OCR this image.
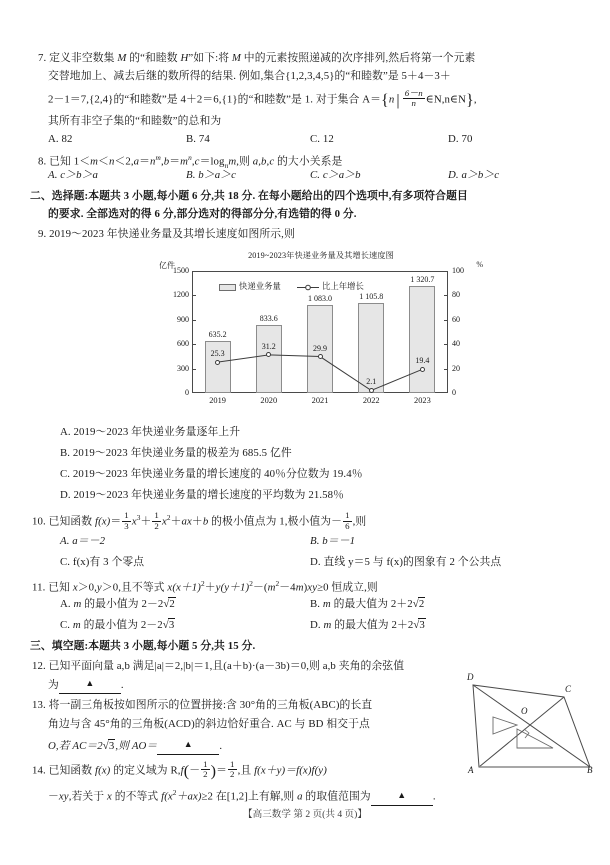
7. 定义非空数集 M 的“和睦数 H”如下:将 M 中的元素按照递减的次序排列,然后将第一个元素
交替地加上、减去后继的数所得的结果. 例如,集合{1,2,3,4,5}的“和睦数”是 5＋4－3＋
2－1＝7,{2,4}的“和睦数”是 4＋2＝6,{1}的“和睦数”是 1. 对于集合 A＝{n | $\frac{6-n}{n}$ ∈N,n∈N},
其所有非空子集的“和睦数”的总和为
A. 82	B. 74	C. 12	D. 70
8. 已知 $1<m<n<2,a=n^m,b=m^n,c=\log_nm$,则 a,b,c 的大小关系是
A. c＞b＞a	B. b＞a＞c	C. c＞a＞b	D. a＞b＞c
二、选择题:本题共 3 小题,每小题 6 分,共 18 分. 在每小题给出的四个选项中,有多项符合题目
的要求. 全部选对的得 6 分,部分选对的得部分分,有选错的得 0 分.
9. 2019～2023 年快递业务量及其增长速度如图所示,则
2019~2023年快递业务量及其增长速度图
亿件	%
0
300
600
900
1200
1500
0
20
40
60
80
100
635.2
2019
833.6
2020
1 083.0
2021
1 105.8
2022
1 320.7
2023
25.3
31.2	29.9
2.1
19.4
快递业务量	比上年增长
A. 2019～2023 年快递业务量逐年上升
B. 2019～2023 年快递业务量的极差为 685.5 亿件
C. 2019～2023 年快递业务量的增长速度的 40％分位数为 19.4％
D. 2019～2023 年快递业务量的增长速度的平均数为 21.58％
10. 已知函数 $f(x)= \frac{1}{3} x^3+ \frac{1}{2} x^2+ax+b$ 的极小值点为 1,极小值为－ $\frac{1}{6}$ ,则
A. a＝－2	B. b＝－1
C. f(x)有 3 个零点	D. 直线 y＝5 与 f(x)的图象有 2 个公共点
11. 已知 x＞0,y＞0,且不等式 $x(x+1)^2+y(y+1)^2-(m^2-4m)xy\ge 0$ 恒成立,则
A. m 的最小值为 2－2√2	B. m 的最大值为 2＋2√2
C. m 的最小值为 2－2√3	D. m 的最大值为 2＋2√3
三、填空题:本题共 3 小题,每小题 5 分,共 15 分.
12. 已知平面向量 a,b 满足|a|＝2,|b|＝1,且(a＋b)·(a－3b)＝0,则 a,b 夹角的余弦值
为	▲ .
13. 将一副三角板按如图所示的位置拼接:含 30°角的三角板(ABC)的长直
角边与含 45°角的三角板(ACD)的斜边恰好重合. AC 与 BD 相交于点
O,若 AC＝2√3,则 AO＝	▲ .
D
C
O
A	B
14. 已知函数 f(x) 的定义域为 $R,f(- \frac{1}{2}$ )＝ $\frac{1}{2}$ ,且 f(x＋y)＝f(x)f(y)
－xy,若关于 x 的不等式 $f(x^2+ax)\ge 2$ 在[1,2]上有解,则 a 的取值范围为	▲ .
【高三数学 第 2 页(共 4 页)】
